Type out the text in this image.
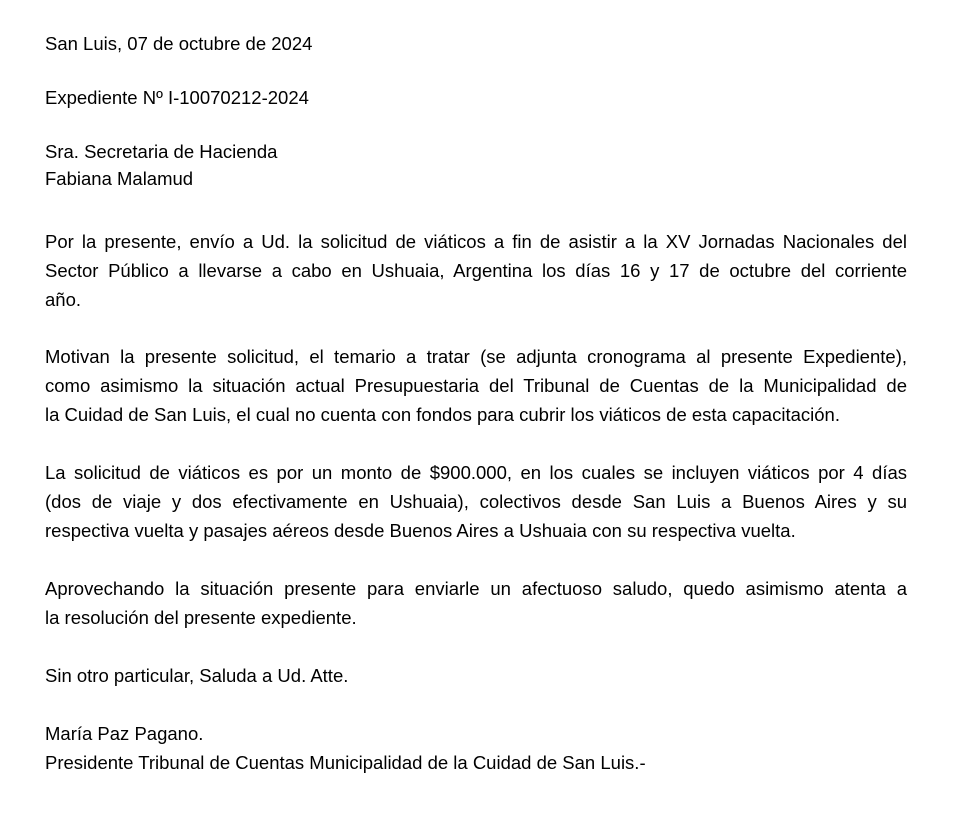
San Luis, 07 de octubre de 2024
Expediente Nº I-10070212-2024
Sra. Secretaria de Hacienda
Fabiana Malamud
Por la presente, envío a Ud. la solicitud de viáticos a fin de asistir a la XV Jornadas Nacionales del
Sector Público a llevarse a cabo en Ushuaia, Argentina los días 16 y 17 de octubre del corriente
año.
Motivan la presente solicitud, el temario a tratar (se adjunta cronograma al presente Expediente),
como asimismo la situación actual Presupuestaria del Tribunal de Cuentas de la Municipalidad de
la Cuidad de San Luis, el cual no cuenta con fondos para cubrir los viáticos de esta capacitación.
La solicitud de viáticos es por un monto de $900.000, en los cuales se incluyen viáticos por 4 días
(dos de viaje y dos efectivamente en Ushuaia), colectivos desde San Luis a Buenos Aires y su
respectiva vuelta y pasajes aéreos desde Buenos Aires a Ushuaia con su respectiva vuelta.
Aprovechando la situación presente para enviarle un afectuoso saludo, quedo asimismo atenta a
la resolución del presente expediente.
Sin otro particular, Saluda a Ud. Atte.
María Paz Pagano.
Presidente Tribunal de Cuentas Municipalidad de la Cuidad de San Luis.-
